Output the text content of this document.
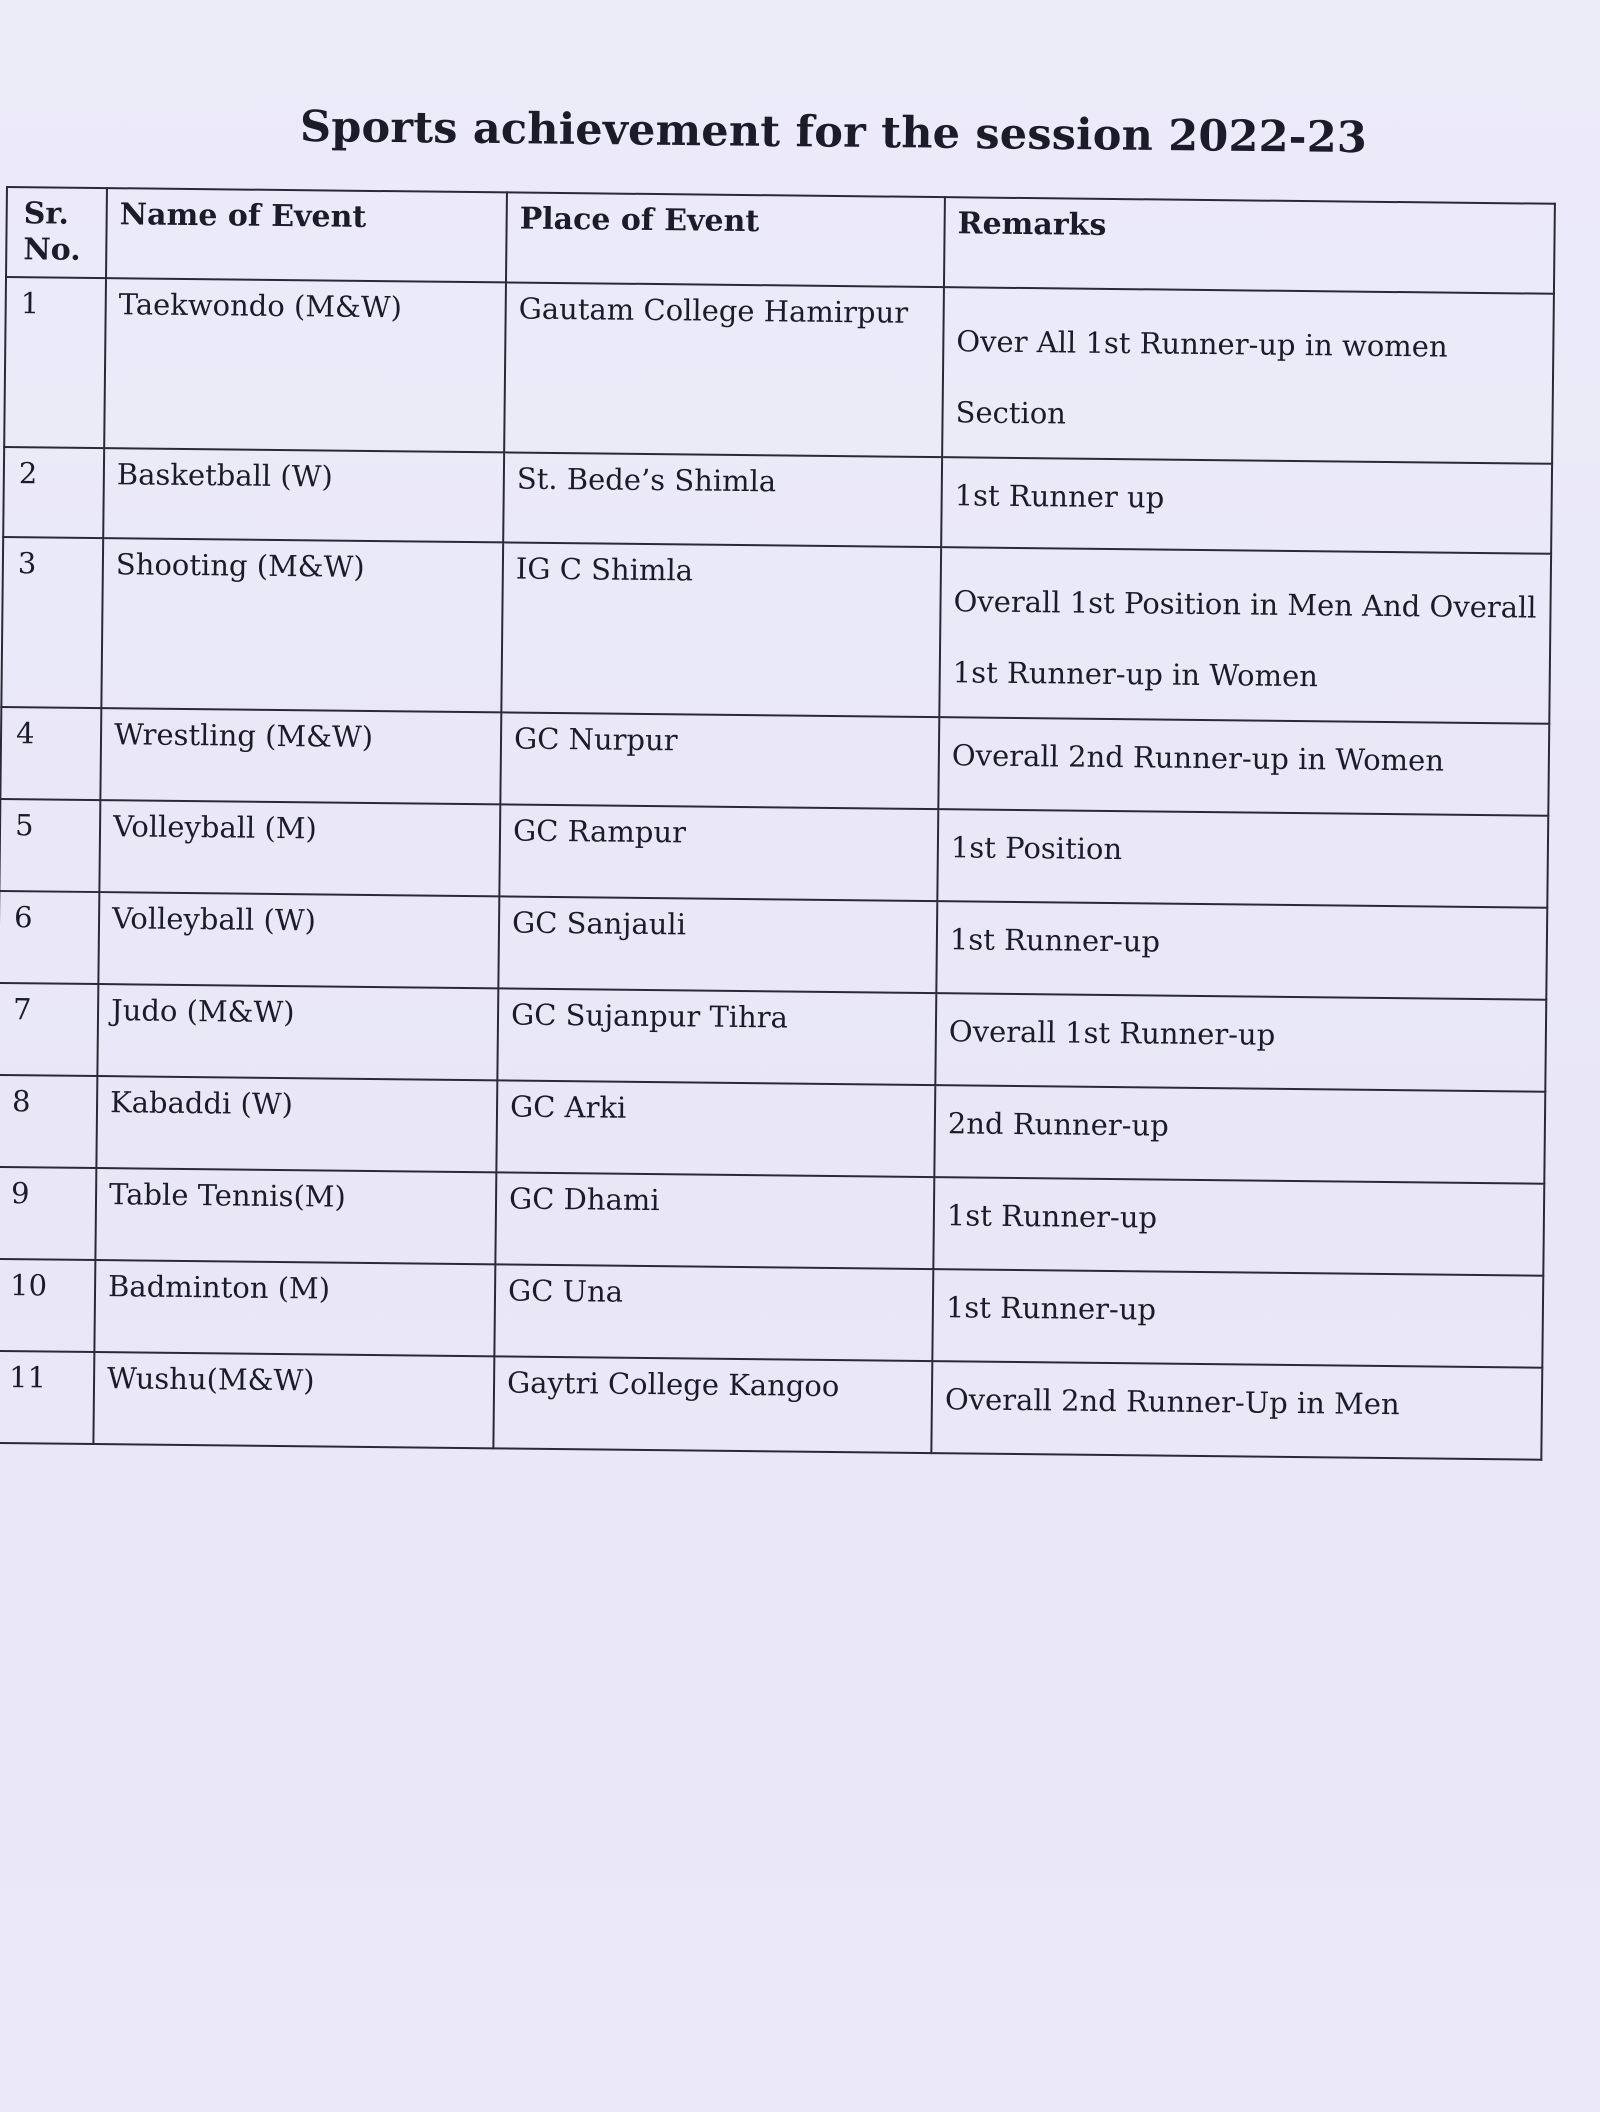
Sports achievement for the session 2022-23
Sr. No.	Name of Event	Place of Event	Remarks
1	Taekwondo (M&W)	Gautam College Hamirpur	Over All 1st Runner-up in women Section
2	Basketball (W)	St. Bede’s Shimla	1st Runner up
3	Shooting (M&W)	IG C Shimla	Overall 1st Position in Men And Overall 1st Runner-up in Women
4	Wrestling (M&W)	GC Nurpur	Overall 2nd Runner-up in Women
5	Volleyball (M)	GC Rampur	1st Position
6	Volleyball (W)	GC Sanjauli	1st Runner-up
7	Judo (M&W)	GC Sujanpur Tihra	Overall 1st Runner-up
8	Kabaddi (W)	GC Arki	2nd Runner-up
9	Table Tennis(M)	GC Dhami	1st Runner-up
10	Badminton (M)	GC Una	1st Runner-up
11	Wushu(M&W)	Gaytri College Kangoo	Overall 2nd Runner-Up in Men
